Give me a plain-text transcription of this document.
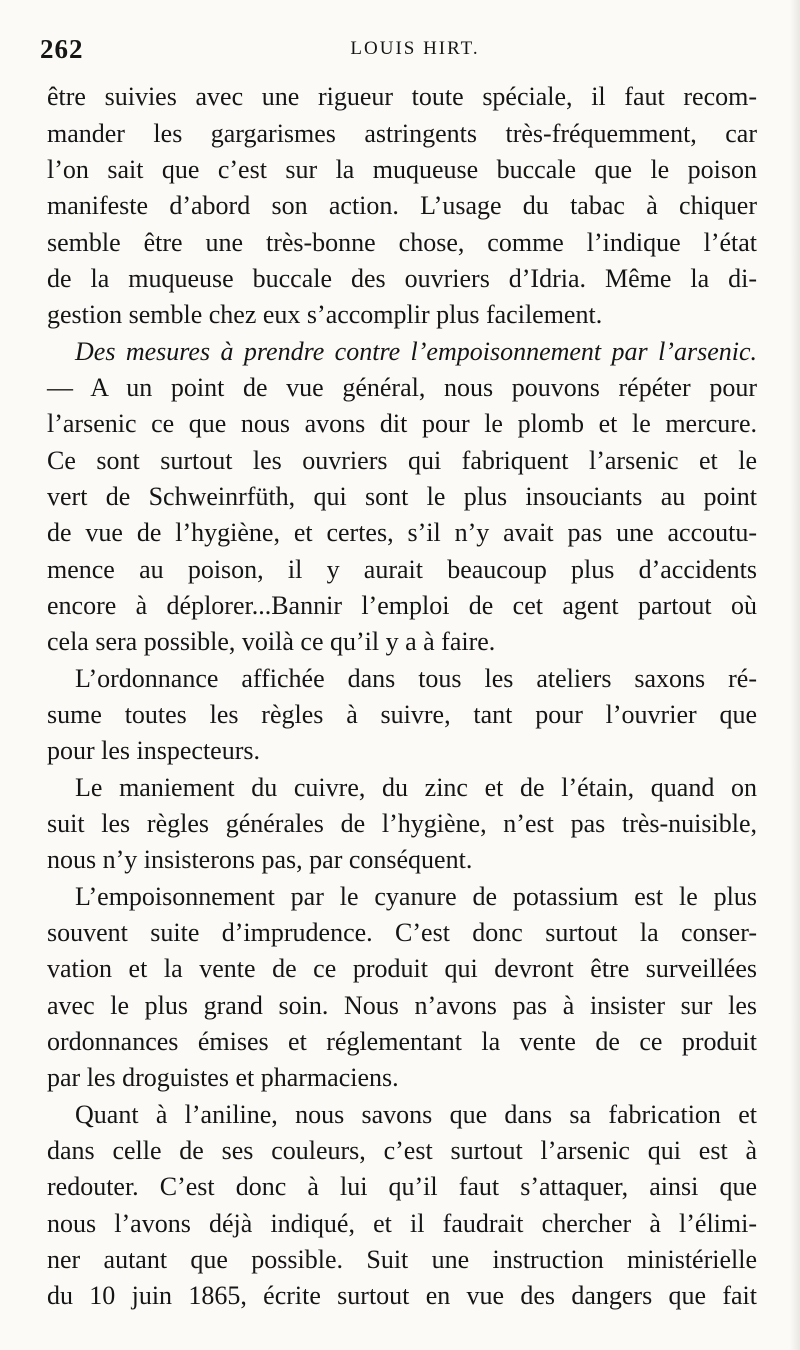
262	LOUIS HIRT.
être suivies avec une rigueur toute spéciale, il faut recom-
mander les gargarismes astringents très-fréquemment, car
l’on sait que c’est sur la muqueuse buccale que le poison
manifeste d’abord son action. L’usage du tabac à chiquer
semble être une très-bonne chose, comme l’indique l’état
de la muqueuse buccale des ouvriers d’Idria. Même la di-
gestion semble chez eux s’accomplir plus facilement.
Des mesures à prendre contre l’empoisonnement par l’arsenic.
— A un point de vue général, nous pouvons répéter pour
l’arsenic ce que nous avons dit pour le plomb et le mercure.
Ce sont surtout les ouvriers qui fabriquent l’arsenic et le
vert de Schweinrfüth, qui sont le plus insouciants au point
de vue de l’hygiène, et certes, s’il n’y avait pas une accoutu-
mence au poison, il y aurait beaucoup plus d’accidents
encore à déplorer...Bannir l’emploi de cet agent partout où
cela sera possible, voilà ce qu’il y a à faire.
L’ordonnance affichée dans tous les ateliers saxons ré-
sume toutes les règles à suivre, tant pour l’ouvrier que
pour les inspecteurs.
Le maniement du cuivre, du zinc et de l’étain, quand on
suit les règles générales de l’hygiène, n’est pas très-nuisible,
nous n’y insisterons pas, par conséquent.
L’empoisonnement par le cyanure de potassium est le plus
souvent suite d’imprudence. C’est donc surtout la conser-
vation et la vente de ce produit qui devront être surveillées
avec le plus grand soin. Nous n’avons pas à insister sur les
ordonnances émises et réglementant la vente de ce produit
par les droguistes et pharmaciens.
Quant à l’aniline, nous savons que dans sa fabrication et
dans celle de ses couleurs, c’est surtout l’arsenic qui est à
redouter. C’est donc à lui qu’il faut s’attaquer, ainsi que
nous l’avons déjà indiqué, et il faudrait chercher à l’élimi-
ner autant que possible. Suit une instruction ministérielle
du 10 juin 1865, écrite surtout en vue des dangers que fait
